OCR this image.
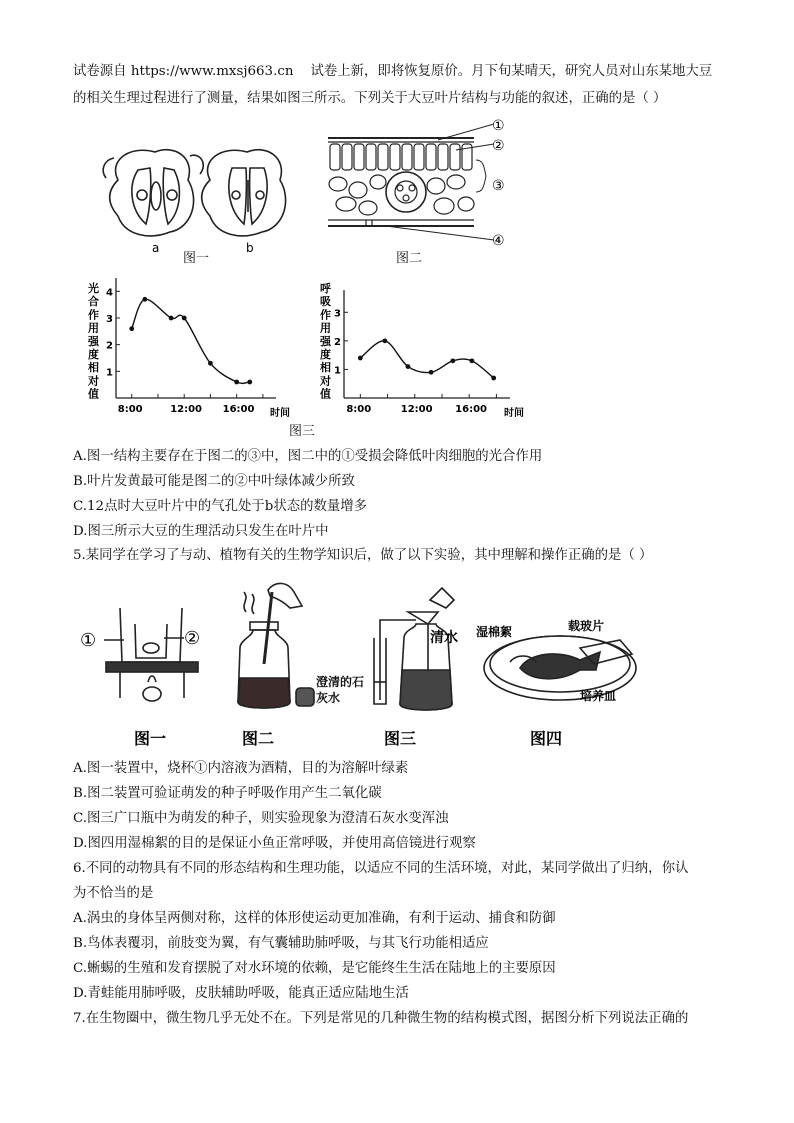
试卷源自 https://www.mxsj663.cn 试卷上新，即将恢复原价。月下旬某晴天，研究人员对山东某地大豆
的相关生理过程进行了测量，结果如图三所示。下列关于大豆叶片结构与功能的叙述，正确的是（ ）
a	b
图一
①
②
③
④
图二
光合作用强度相对值
1
2
3
4
8:00	12:00 16:00 时间
呼吸作用强度相对值
1
2
3
8:00	12:00 16:00 时间
图三
A.图一结构主要存在于图二的③中，图二中的①受损会降低叶肉细胞的光合作用
B.叶片发黄最可能是图二的②中叶绿体减少所致
C.12点时大豆叶片中的气孔处于b状态的数量增多
D.图三所示大豆的生理活动只发生在叶片中
5.某同学在学习了与动、植物有关的生物学知识后，做了以下实验，其中理解和操作正确的是（ ）
①	②	清水
澄清的石灰水
湿棉絮	载玻片
培养皿
图一	图二	图三	图四
A.图一装置中，烧杯①内溶液为酒精，目的为溶解叶绿素
B.图二装置可验证萌发的种子呼吸作用产生二氧化碳
C.图三广口瓶中为萌发的种子，则实验现象为澄清石灰水变浑浊
D.图四用湿棉絮的目的是保证小鱼正常呼吸，并使用高倍镜进行观察
6.不同的动物具有不同的形态结构和生理功能，以适应不同的生活环境，对此，某同学做出了归纳，你认
为不恰当的是
A.涡虫的身体呈两侧对称，这样的体形使运动更加准确，有利于运动、捕食和防御
B.鸟体表覆羽，前肢变为翼，有气囊辅助肺呼吸，与其飞行功能相适应
C.蜥蜴的生殖和发育摆脱了对水环境的依赖，是它能终生生活在陆地上的主要原因
D.青蛙能用肺呼吸，皮肤辅助呼吸，能真正适应陆地生活
7.在生物圈中，微生物几乎无处不在。下列是常见的几种微生物的结构模式图，据图分析下列说法正确的
